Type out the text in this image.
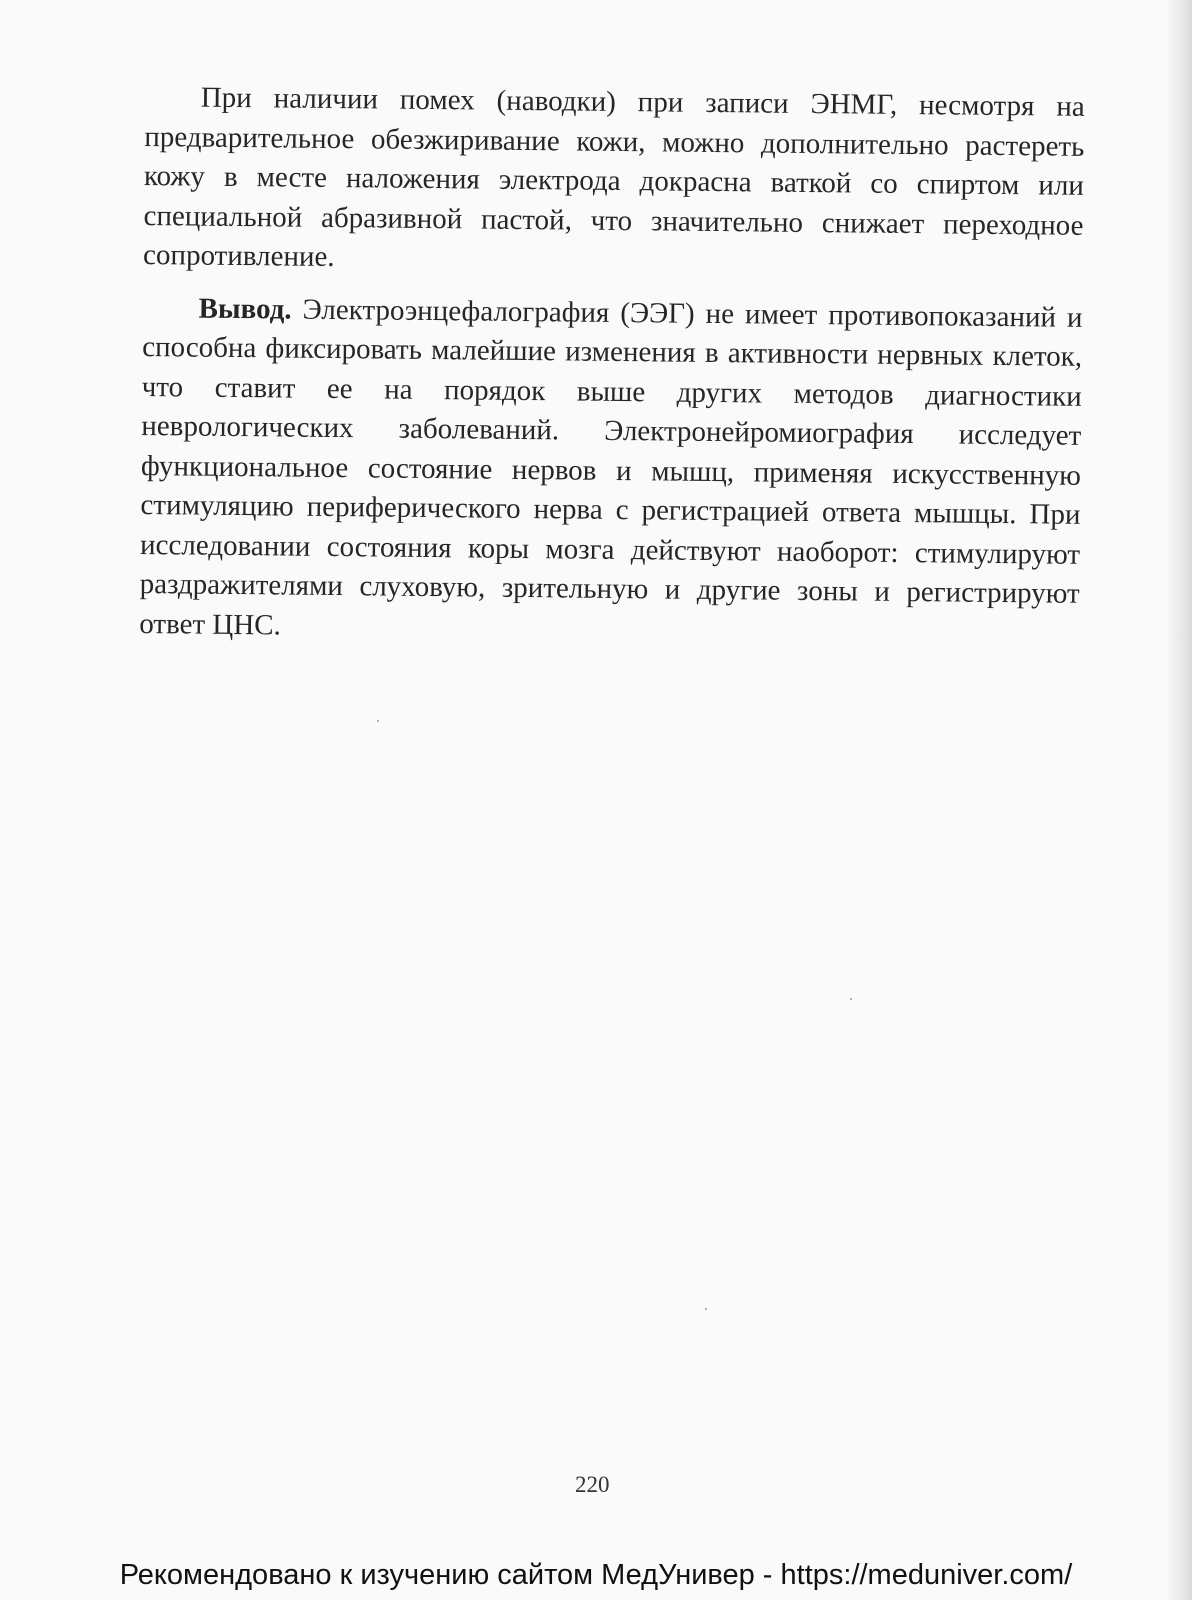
При наличии помех (наводки) при записи ЭНМГ, несмотря на предварительное обезжиривание кожи, можно дополнительно растереть кожу в месте наложения электрода докрасна ваткой со спиртом или специальной абразивной пастой, что значительно снижает переходное сопротивление.

Вывод. Электроэнцефалография (ЭЭГ) не имеет противопоказаний и способна фиксировать малейшие изменения в активности нервных клеток, что ставит ее на порядок выше других методов диагностики неврологических заболеваний. Электронейромиография исследует функциональное состояние нервов и мышц, применяя искусственную стимуляцию периферического нерва с регистрацией ответа мышцы. При исследовании состояния коры мозга действуют наоборот: стимулируют раздражителями слуховую, зрительную и другие зоны и регистрируют ответ ЦНС.

220
Рекомендовано к изучению сайтом МедУнивер - https://meduniver.com/
